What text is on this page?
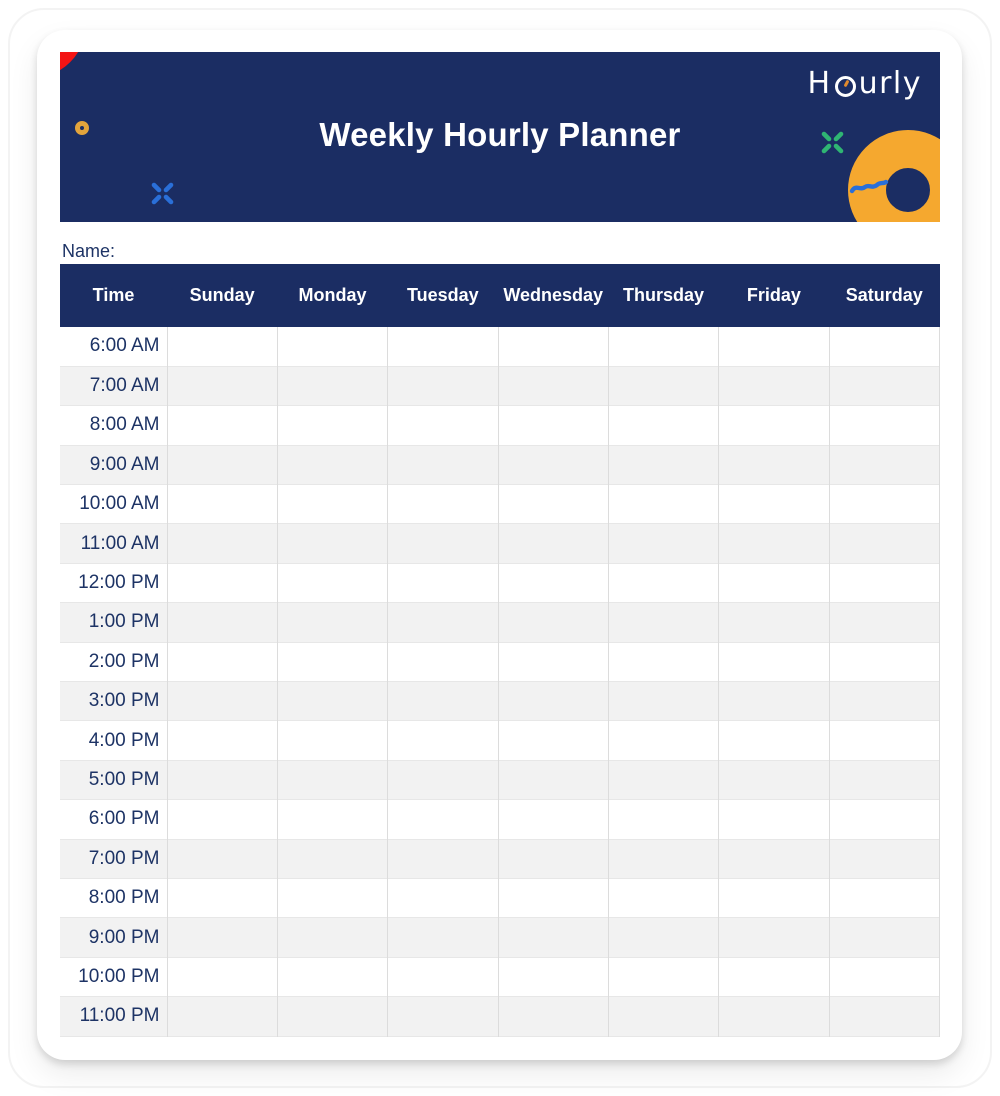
Weekly Hourly Planner
H urly
Name:
Time	Sunday	Monday	Tuesday	Wednesday	Thursday	Friday	Saturday
6:00 AM							
7:00 AM							
8:00 AM							
9:00 AM							
10:00 AM							
11:00 AM							
12:00 PM							
1:00 PM							
2:00 PM							
3:00 PM							
4:00 PM							
5:00 PM							
6:00 PM							
7:00 PM							
8:00 PM							
9:00 PM							
10:00 PM							
11:00 PM							
